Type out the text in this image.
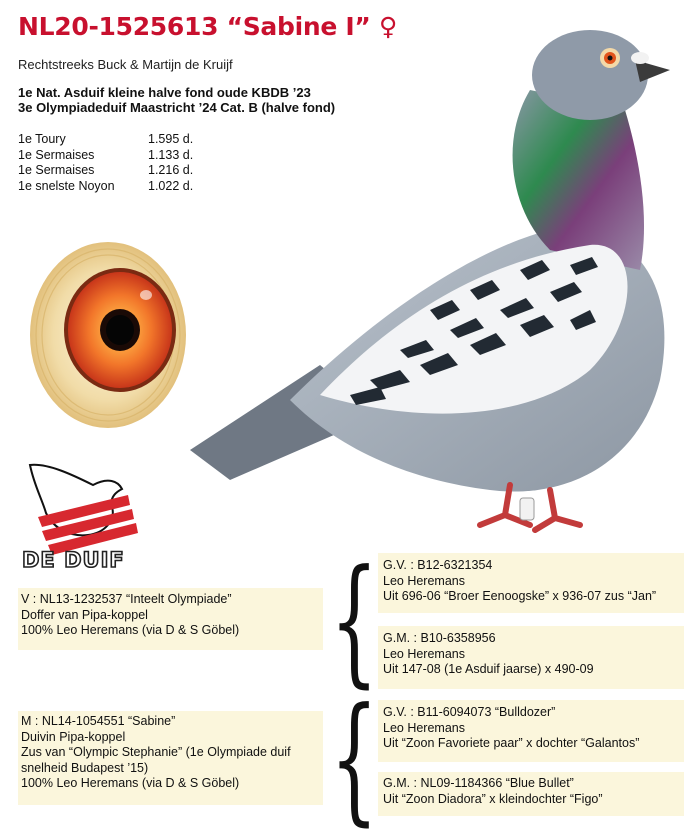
NL20-1525613 “Sabine I” ♀
Rechtstreeks Buck & Martijn de Kruijf
1e Nat. Asduif kleine halve fond oude KBDB ’23
3e Olympiadeduif Maastricht ’24 Cat. B (halve fond)
1e Toury	1.595 d.
1e Sermaises	1.133 d.
1e Sermaises	1.216 d.
1e snelste Noyon	1.022 d.
DE DUIF
V : NL13-1232537 “Inteelt Olympiade”
Doffer van Pipa-koppel
100% Leo Heremans (via D & S Göbel)
M : NL14-1054551 “Sabine”
Duivin Pipa-koppel
Zus van “Olympic Stephanie” (1e Olympiade duif
snelheid Budapest ’15)
100% Leo Heremans (via D & S Göbel)
{
{
G.V. : B12-6321354
Leo Heremans
Uit 696-06 “Broer Eenoogske” x 936-07 zus “Jan”
G.M. : B10-6358956
Leo Heremans
Uit 147-08 (1e Asduif jaarse) x 490-09
G.V. : B11-6094073 “Bulldozer”
Leo Heremans
Uit “Zoon Favoriete paar” x dochter “Galantos”
G.M. : NL09-1184366 “Blue Bullet”
Uit “Zoon Diadora” x kleindochter “Figo”
